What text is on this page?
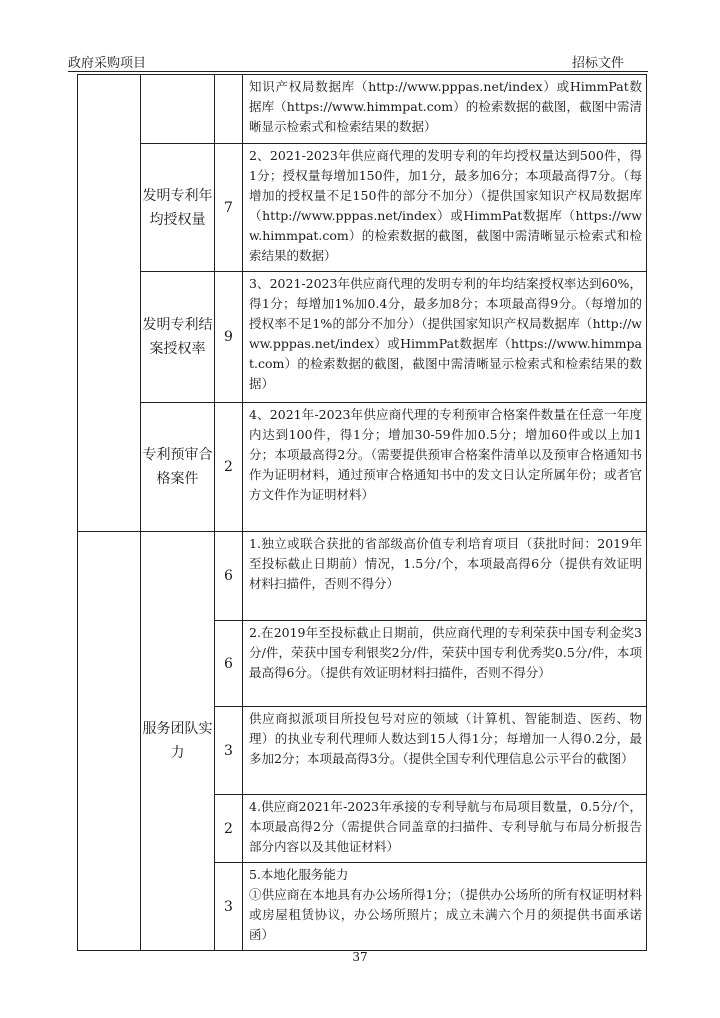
政府采购项目	招标文件
			知识产权局数据库（http://www.pppas.net/index）或HimmPat数据库（https://www.himmpat.com）的检索数据的截图，截图中需清晰显示检索式和检索结果的数据）
	发明专利年均授权量	7	2、2021-2023年供应商代理的发明专利的年均授权量达到500件，得1分；授权量每增加150件，加1分，最多加6分；本项最高得7分。（每增加的授权量不足150件的部分不加分）（提供国家知识产权局数据库（http://www.pppas.net/index）或HimmPat数据库（https://www.himmpat.com）的检索数据的截图，截图中需清晰显示检索式和检索结果的数据）
	发明专利结案授权率	9	3、2021-2023年供应商代理的发明专利的年均结案授权率达到60%，得1分；每增加1%加0.4分，最多加8分；本项最高得9分。（每增加的授权率不足1%的部分不加分）（提供国家知识产权局数据库（http://www.pppas.net/index）或HimmPat数据库（https://www.himmpat.com）的检索数据的截图，截图中需清晰显示检索式和检索结果的数据）
	专利预审合格案件	2	4、2021年-2023年供应商代理的专利预审合格案件数量在任意一年度内达到100件，得1分；增加30-59件加0.5分；增加60件或以上加1分；本项最高得2分。（需要提供预审合格案件清单以及预审合格通知书作为证明材料，通过预审合格通知书中的发文日认定所属年份；或者官方文件作为证明材料）
	服务团队实力	6	1.独立或联合获批的省部级高价值专利培育项目（获批时间：2019年至投标截止日期前）情况，1.5分/个，本项最高得6分（提供有效证明材料扫描件，否则不得分）

		6	2.在2019年至投标截止日期前，供应商代理的专利荣获中国专利金奖3分/件，荣获中国专利银奖2分/件，荣获中国专利优秀奖0.5分/件，本项最高得6分。（提供有效证明材料扫描件，否则不得分）

		3	供应商拟派项目所投包号对应的领域（计算机、智能制造、医药、物理）的执业专利代理师人数达到15人得1分；每增加一人得0.2分，最多加2分；本项最高得3分。（提供全国专利代理信息公示平台的截图）

		2	4.供应商2021年-2023年承接的专利导航与布局项目数量，0.5分/个，本项最高得2分（需提供合同盖章的扫描件、专利导航与布局分析报告部分内容以及其他证材料）

		3	5.本地化服务能力

①供应商在本地具有办公场所得1分；（提供办公场所的所有权证明材料或房屋租赁协议，办公场所照片；成立未满六个月的须提供书面承诺函）

37
